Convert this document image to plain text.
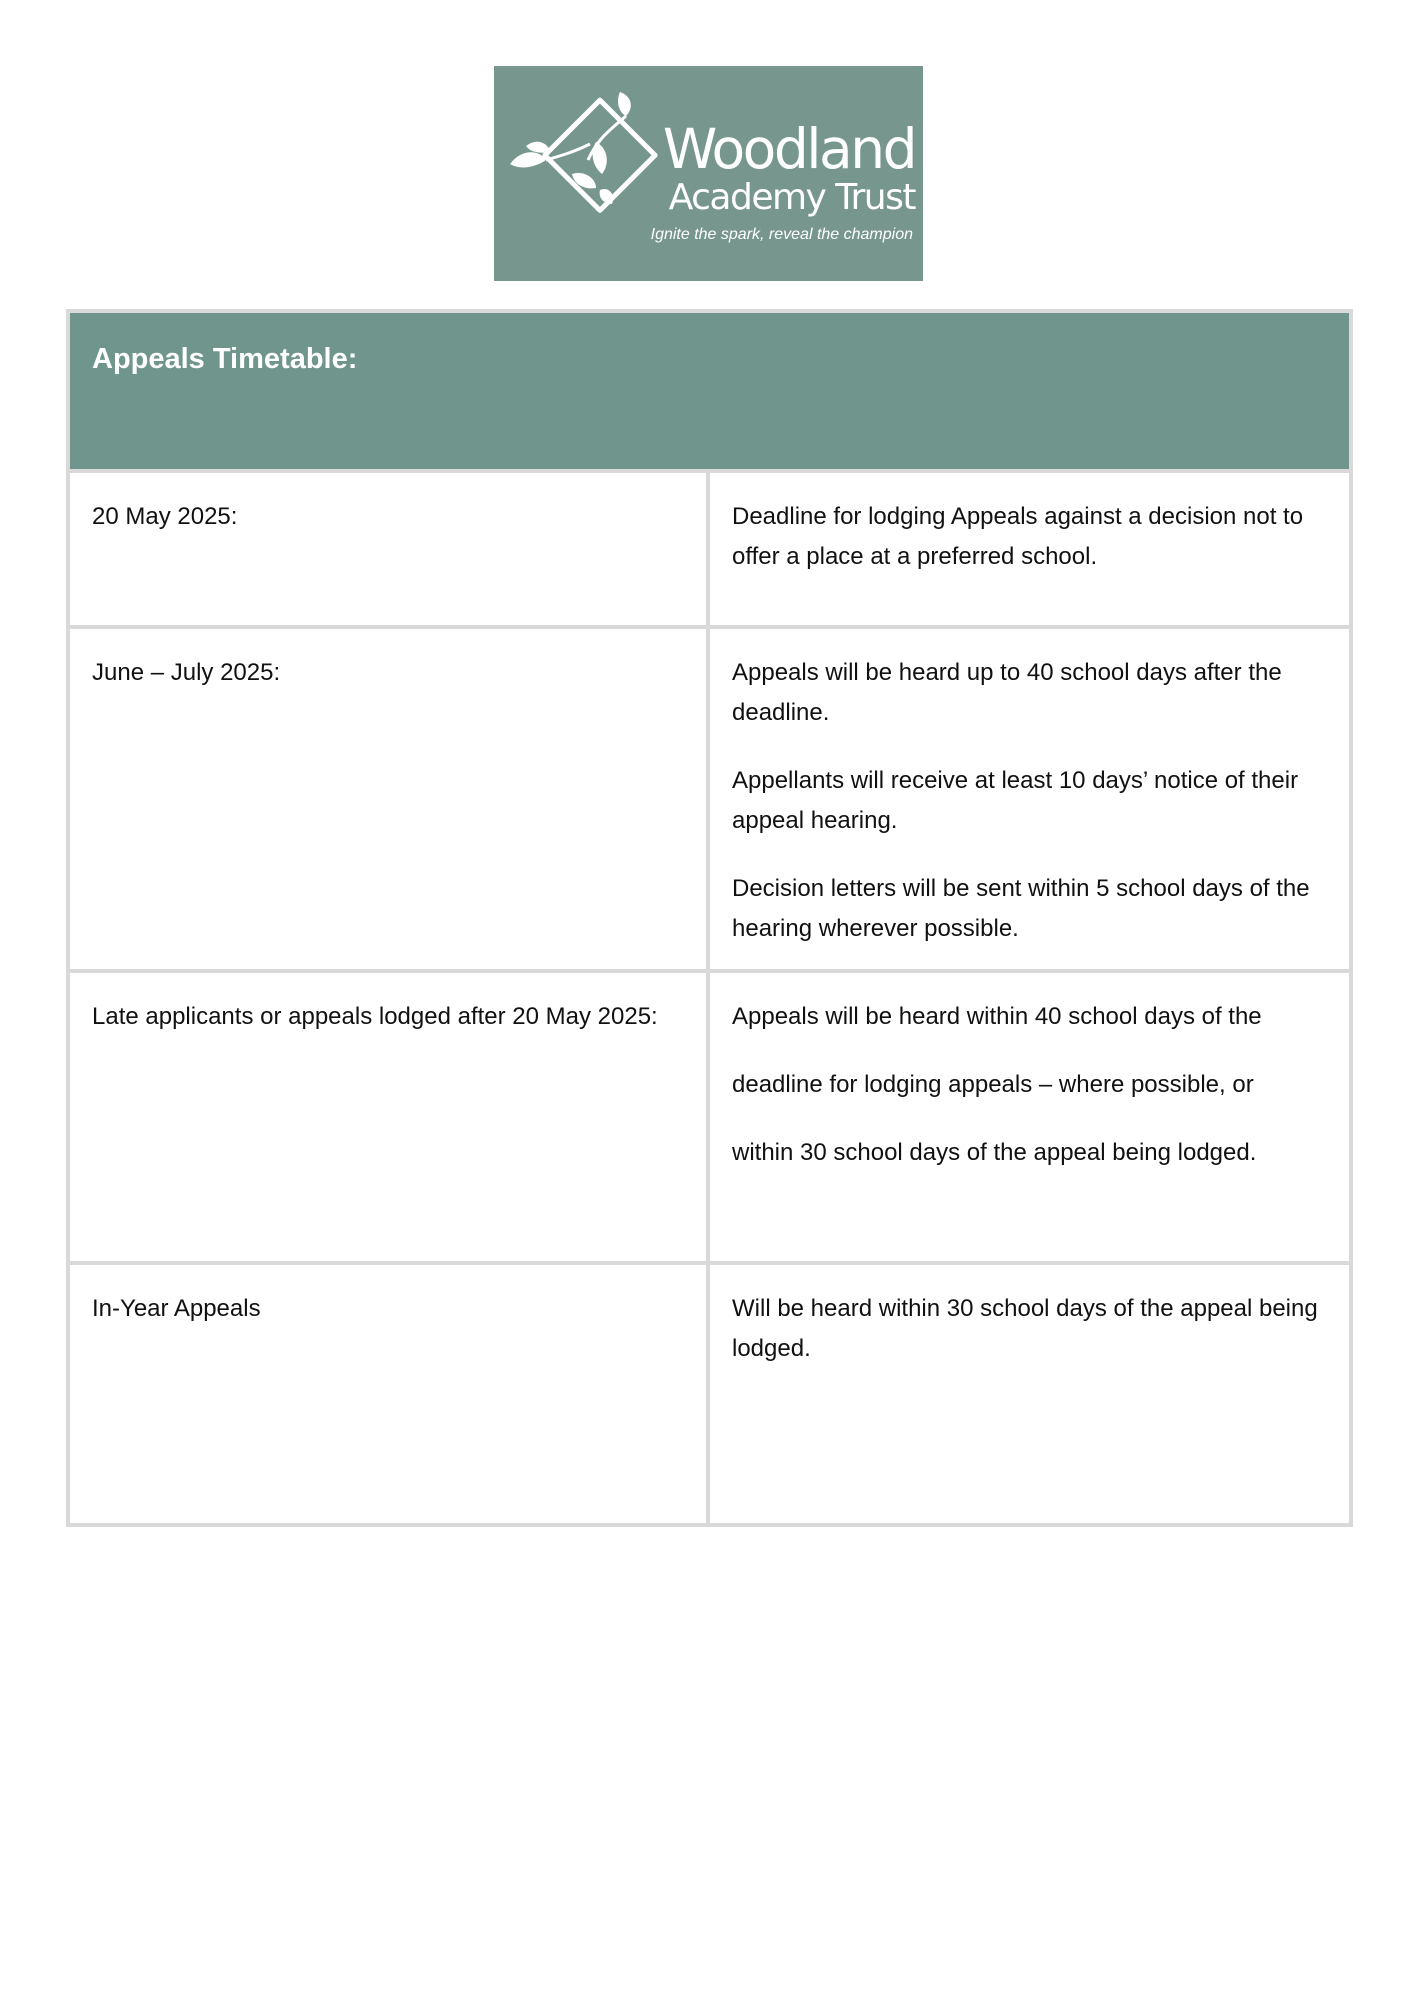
Woodland
Academy Trust
Ignite the spark, reveal the champion
Appeals Timetable:	

20 May 2025:	Deadline for lodging Appeals against a decision not to offer a place at a preferred school.

June – July 2025:	Appeals will be heard up to 40 school days after the deadline.

Appellants will receive at least 10 days’ notice of their appeal hearing.

Decision letters will be sent within 5 school days of the hearing wherever possible.

Late applicants or appeals lodged after 20 May 2025:	Appeals will be heard within 40 school days of the

deadline for lodging appeals – where possible, or

within 30 school days of the appeal being lodged.

In-Year Appeals	Will be heard within 30 school days of the appeal being lodged.
